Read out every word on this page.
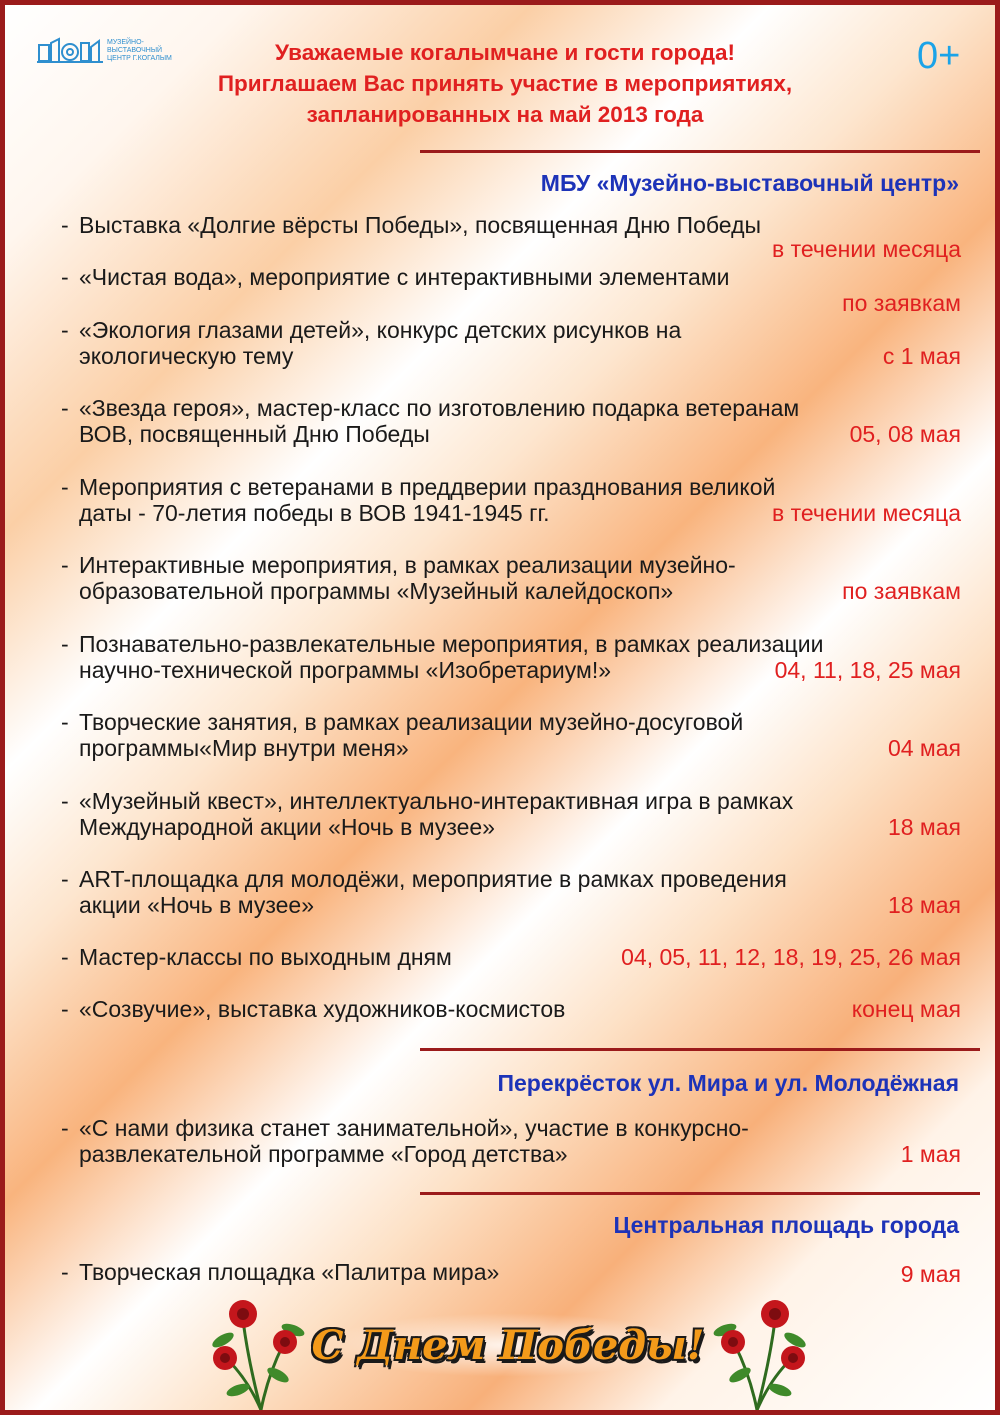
МУЗЕЙНО-ВЫСТАВОЧНЫЙ ЦЕНТР Г.КОГАЛЫМ	Уважаемые когалымчане и гости города!
Приглашаем Вас принять участие в мероприятиях,
запланированных на май 2013 года
0+
МБУ «Музейно-выставочный центр»
- Выставка «Долгие вёрсты Победы», посвященная Дню Победы
в течении месяца
- «Чистая вода», мероприятие с интерактивными элементами
по заявкам
- «Экология глазами детей», конкурс детских рисунков на
экологическую тему	с 1 мая
- «Звезда героя», мастер-класс по изготовлению подарка ветеранам
ВОВ, посвященный Дню Победы	05, 08 мая
- Мероприятия с ветеранами в преддверии празднования великой
даты - 70-летия победы в ВОВ 1941-1945 гг.	в течении месяца
- Интерактивные мероприятия, в рамках реализации музейно-
образовательной программы «Музейный калейдоскоп»	по заявкам
- Познавательно-развлекательные мероприятия, в рамках реализации
научно-технической программы «Изобретариум!»	04, 11, 18, 25 мая
- Творческие занятия, в рамках реализации музейно-досуговой
программы«Мир внутри меня»	04 мая
- «Музейный квест», интеллектуально-интерактивная игра в рамках
Международной акции «Ночь в музее»	18 мая
- ART-площадка для молодёжи, мероприятие в рамках проведения
акции «Ночь в музее»	18 мая
- Мастер-классы по выходным дням	04, 05, 11, 12, 18, 19, 25, 26 мая
- «Созвучие», выставка художников-космистов	конец мая
Перекрёсток ул. Мира и ул. Молодёжная
- «С нами физика станет занимательной», участие в конкурсно-
развлекательной программе «Город детства»	1 мая
Центральная площадь города
- Творческая площадка «Палитра мира»	9 мая
С Днем Победы!
